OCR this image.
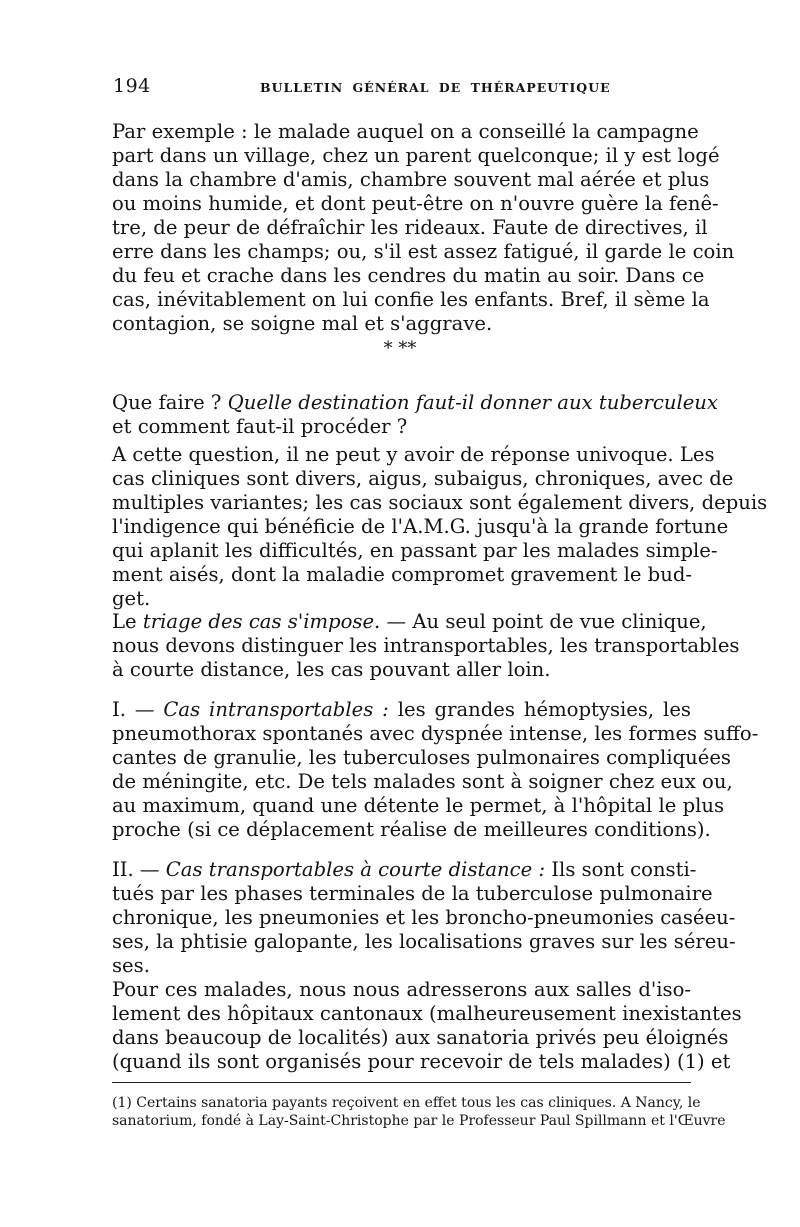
194	BULLETIN GÉNÉRAL DE THÉRAPEUTIQUE
Par exemple : le malade auquel on a conseillé la campagne
part dans un village, chez un parent quelconque; il y est logé
dans la chambre d'amis, chambre souvent mal aérée et plus
ou moins humide, et dont peut-être on n'ouvre guère la fenê-
tre, de peur de défraîchir les rideaux. Faute de directives, il
erre dans les champs; ou, s'il est assez fatigué, il garde le coin
du feu et crache dans les cendres du matin au soir. Dans ce
cas, inévitablement on lui confie les enfants. Bref, il sème la
contagion, se soigne mal et s'aggrave.
* **
Que faire ? Quelle destination faut-il donner aux tuberculeux
et comment faut-il procéder ?
A cette question, il ne peut y avoir de réponse univoque. Les
cas cliniques sont divers, aigus, subaigus, chroniques, avec de
multiples variantes; les cas sociaux sont également divers, depuis
l'indigence qui bénéficie de l'A.M.G. jusqu'à la grande fortune
qui aplanit les difficultés, en passant par les malades simple-
ment aisés, dont la maladie compromet gravement le bud-
get.
Le triage des cas s'impose. — Au seul point de vue clinique,
nous devons distinguer les intransportables, les transportables
à courte distance, les cas pouvant aller loin.
I. — Cas intransportables : les grandes hémoptysies, les
pneumothorax spontanés avec dyspnée intense, les formes suffo-
cantes de granulie, les tuberculoses pulmonaires compliquées
de méningite, etc. De tels malades sont à soigner chez eux ou,
au maximum, quand une détente le permet, à l'hôpital le plus
proche (si ce déplacement réalise de meilleures conditions).
II. — Cas transportables à courte distance : Ils sont consti-
tués par les phases terminales de la tuberculose pulmonaire
chronique, les pneumonies et les broncho-pneumonies caséeu-
ses, la phtisie galopante, les localisations graves sur les séreu-
ses.
Pour ces malades, nous nous adresserons aux salles d'iso-
lement des hôpitaux cantonaux (malheureusement inexistantes
dans beaucoup de localités) aux sanatoria privés peu éloignés
(quand ils sont organisés pour recevoir de tels malades) (1) et
(1) Certains sanatoria payants reçoivent en effet tous les cas cliniques. A Nancy, le
sanatorium, fondé à Lay-Saint-Christophe par le Professeur Paul Spillmann et l'Œuvre
